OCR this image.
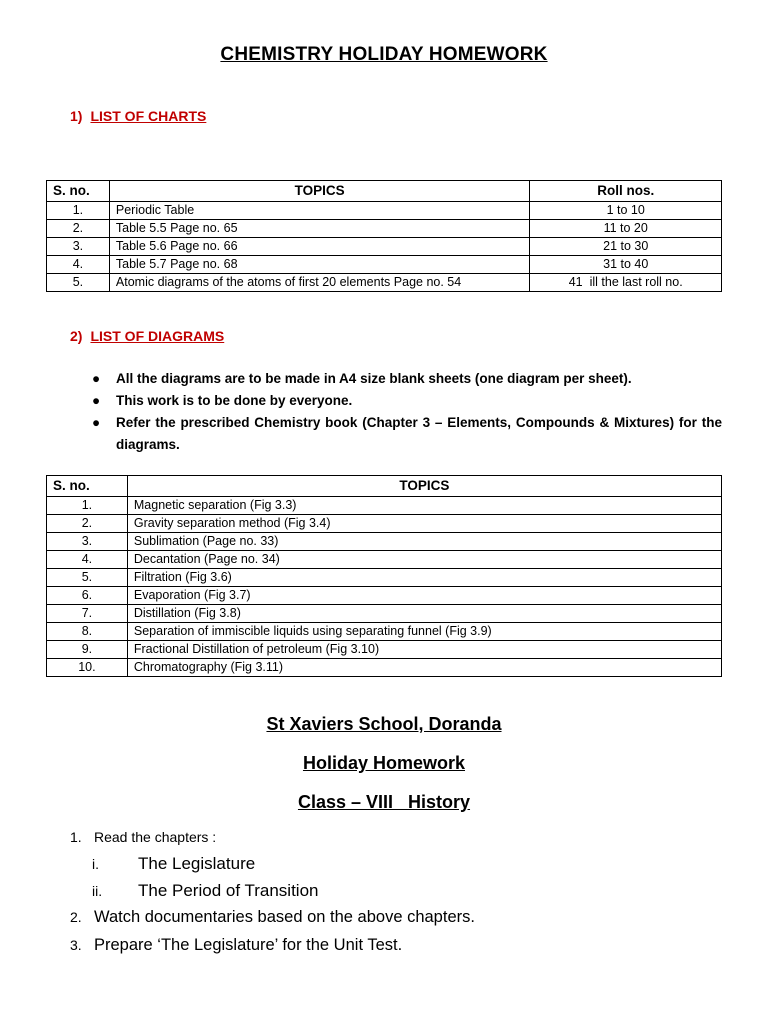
CHEMISTRY HOLIDAY HOMEWORK
1) LIST OF CHARTS
S. no.	TOPICS	Roll nos.
1.	Periodic Table	1 to 10
2.	Table 5.5 Page no. 65	11 to 20
3.	Table 5.6 Page no. 66	21 to 30
4.	Table 5.7 Page no. 68	31 to 40
5.	Atomic diagrams of the atoms of first 20 elements Page no. 54	41  ill the last roll no.
2) LIST OF DIAGRAMS
● All the diagrams are to be made in A4 size blank sheets (one diagram per sheet).
● This work is to be done by everyone.
● Refer the prescribed Chemistry book (Chapter 3 – Elements, Compounds & Mixtures) for the diagrams.
S. no.	TOPICS
1.	Magnetic separation (Fig 3.3)
2.	Gravity separation method (Fig 3.4)
3.	Sublimation (Page no. 33)
4.	Decantation (Page no. 34)
5.	Filtration (Fig 3.6)
6.	Evaporation (Fig 3.7)
7.	Distillation (Fig 3.8)
8.	Separation of immiscible liquids using separating funnel (Fig 3.9)
9.	Fractional Distillation of petroleum (Fig 3.10)
10.	Chromatography (Fig 3.11)
St Xaviers School, Doranda
Holiday Homework
Class – VIII   History
1. Read the chapters :
i. The Legislature
ii. The Period of Transition
2. Watch documentaries based on the above chapters.
3. Prepare ‘The Legislature’ for the Unit Test.
